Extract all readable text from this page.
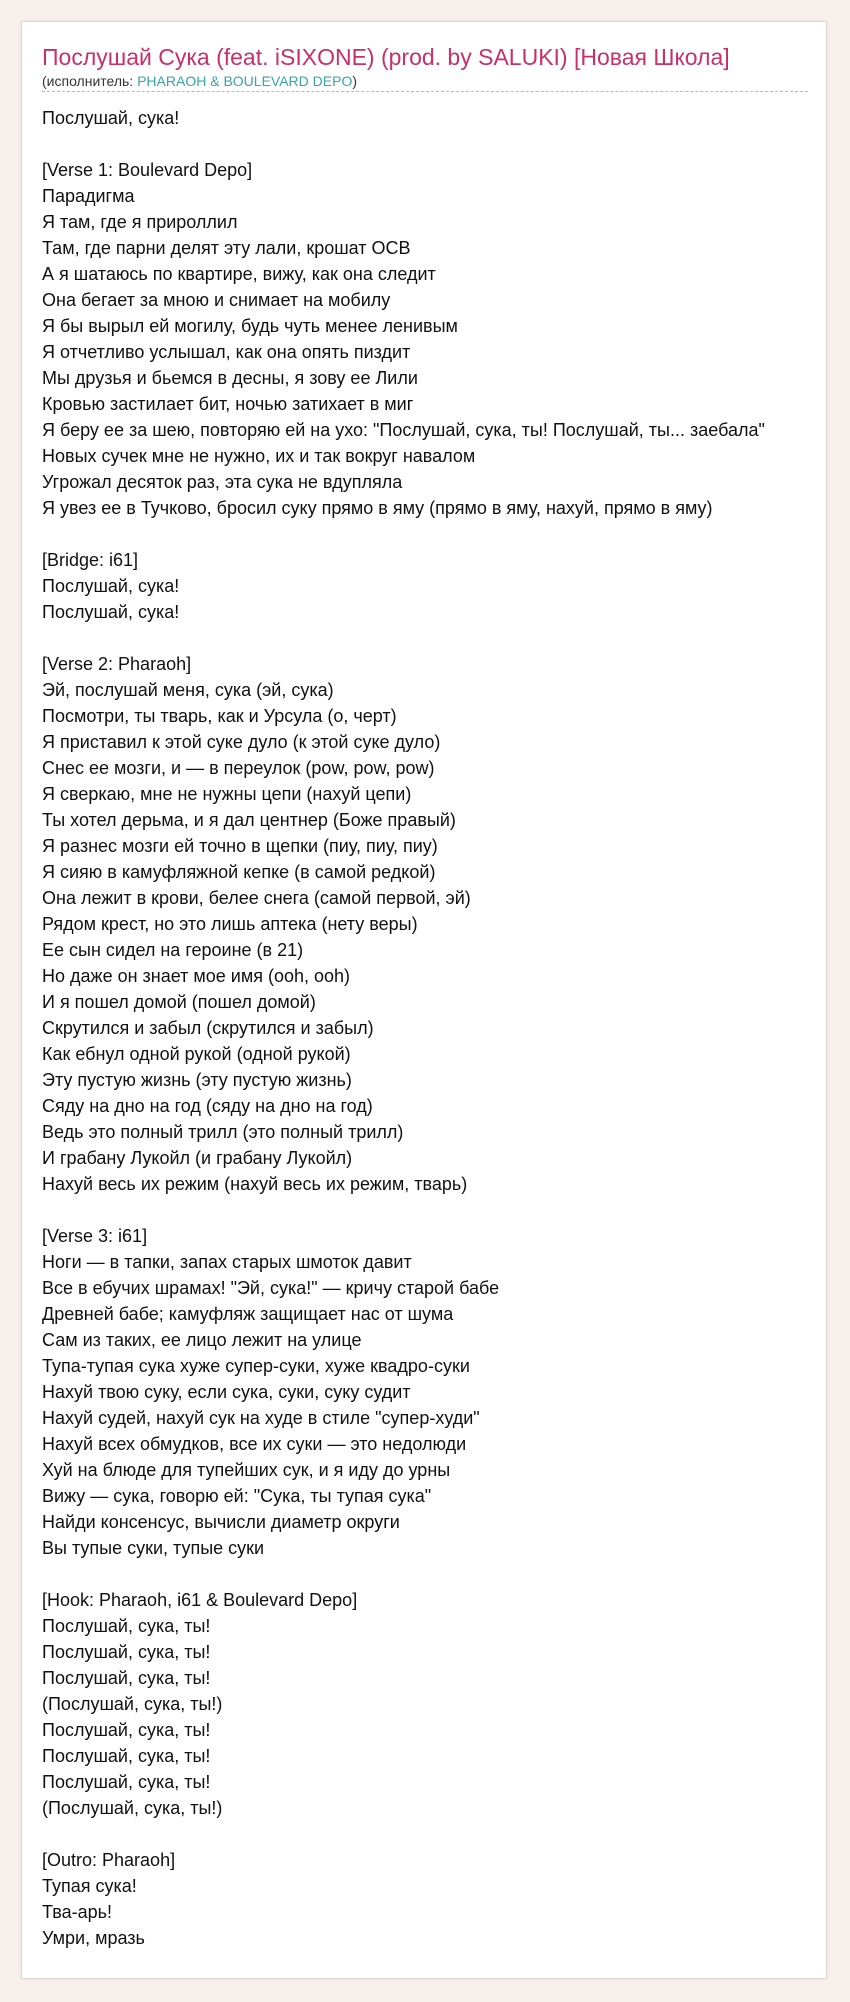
Послушай Сука (feat. iSIXONE) (prod. by SALUKI) [Новая Школа]
(исполнитель: PHARAOH & BOULEVARD DEPO)
Послушай, сука!
[Verse 1: Boulevard Depo]
Парадигма
Я там, где я прироллил
Там, где парни делят эту лали, крошат ОСВ
А я шатаюсь по квартире, вижу, как она следит
Она бегает за мною и снимает на мобилу
Я бы вырыл ей могилу, будь чуть менее ленивым
Я отчетливо услышал, как она опять пиздит
Мы друзья и бьемся в десны, я зову ее Лили
Кровью застилает бит, ночью затихает в миг
Я беру ее за шею, повторяю ей на ухо: "Послушай, сука, ты! Послушай, ты... заебала"
Новых сучек мне не нужно, их и так вокруг навалом
Угрожал десяток раз, эта сука не вдупляла
Я увез ее в Тучково, бросил суку прямо в яму (прямо в яму, нахуй, прямо в яму)
[Bridge: i61]
Послушай, сука!
Послушай, сука!
[Verse 2: Pharaoh]
Эй, послушай меня, сука (эй, сука)
Посмотри, ты тварь, как и Урсула (о, черт)
Я приставил к этой суке дуло (к этой суке дуло)
Снес ее мозги, и — в переулок (pow, pow, pow)
Я сверкаю, мне не нужны цепи (нахуй цепи)
Ты хотел дерьма, и я дал центнер (Боже правый)
Я разнес мозги ей точно в щепки (пиу, пиу, пиу)
Я сияю в камуфляжной кепке (в самой редкой)
Она лежит в крови, белее снега (самой первой, эй)
Рядом крест, но это лишь аптека (нету веры)
Ее сын сидел на героине (в 21)
Но даже он знает мое имя (ooh, ooh)
И я пошел домой (пошел домой)
Скрутился и забыл (скрутился и забыл)
Как ебнул одной рукой (одной рукой)
Эту пустую жизнь (эту пустую жизнь)
Сяду на дно на год (сяду на дно на год)
Ведь это полный трилл (это полный трилл)
И грабану Лукойл (и грабану Лукойл)
Нахуй весь их режим (нахуй весь их режим, тварь)
[Verse 3: i61]
Ноги — в тапки, запах старых шмоток давит
Все в ебучих шрамах! "Эй, сука!" — кричу старой бабе
Древней бабе; камуфляж защищает нас от шума
Сам из таких, ее лицо лежит на улице
Тупа-тупая сука хуже супер-суки, хуже квадро-суки
Нахуй твою суку, если сука, суки, суку судит
Нахуй судей, нахуй сук на худе в стиле "супер-худи"
Нахуй всех обмудков, все их суки — это недолюди
Хуй на блюде для тупейших сук, и я иду до урны
Вижу — сука, говорю ей: "Сука, ты тупая сука"
Найди консенсус, вычисли диаметр округи
Вы тупые суки, тупые суки
[Hook: Pharaoh, i61 & Boulevard Depo]
Послушай, сука, ты!
Послушай, сука, ты!
Послушай, сука, ты!
(Послушай, сука, ты!)
Послушай, сука, ты!
Послушай, сука, ты!
Послушай, сука, ты!
(Послушай, сука, ты!)
[Outro: Pharaoh]
Тупая сука!
Тва-арь!
Умри, мразь
